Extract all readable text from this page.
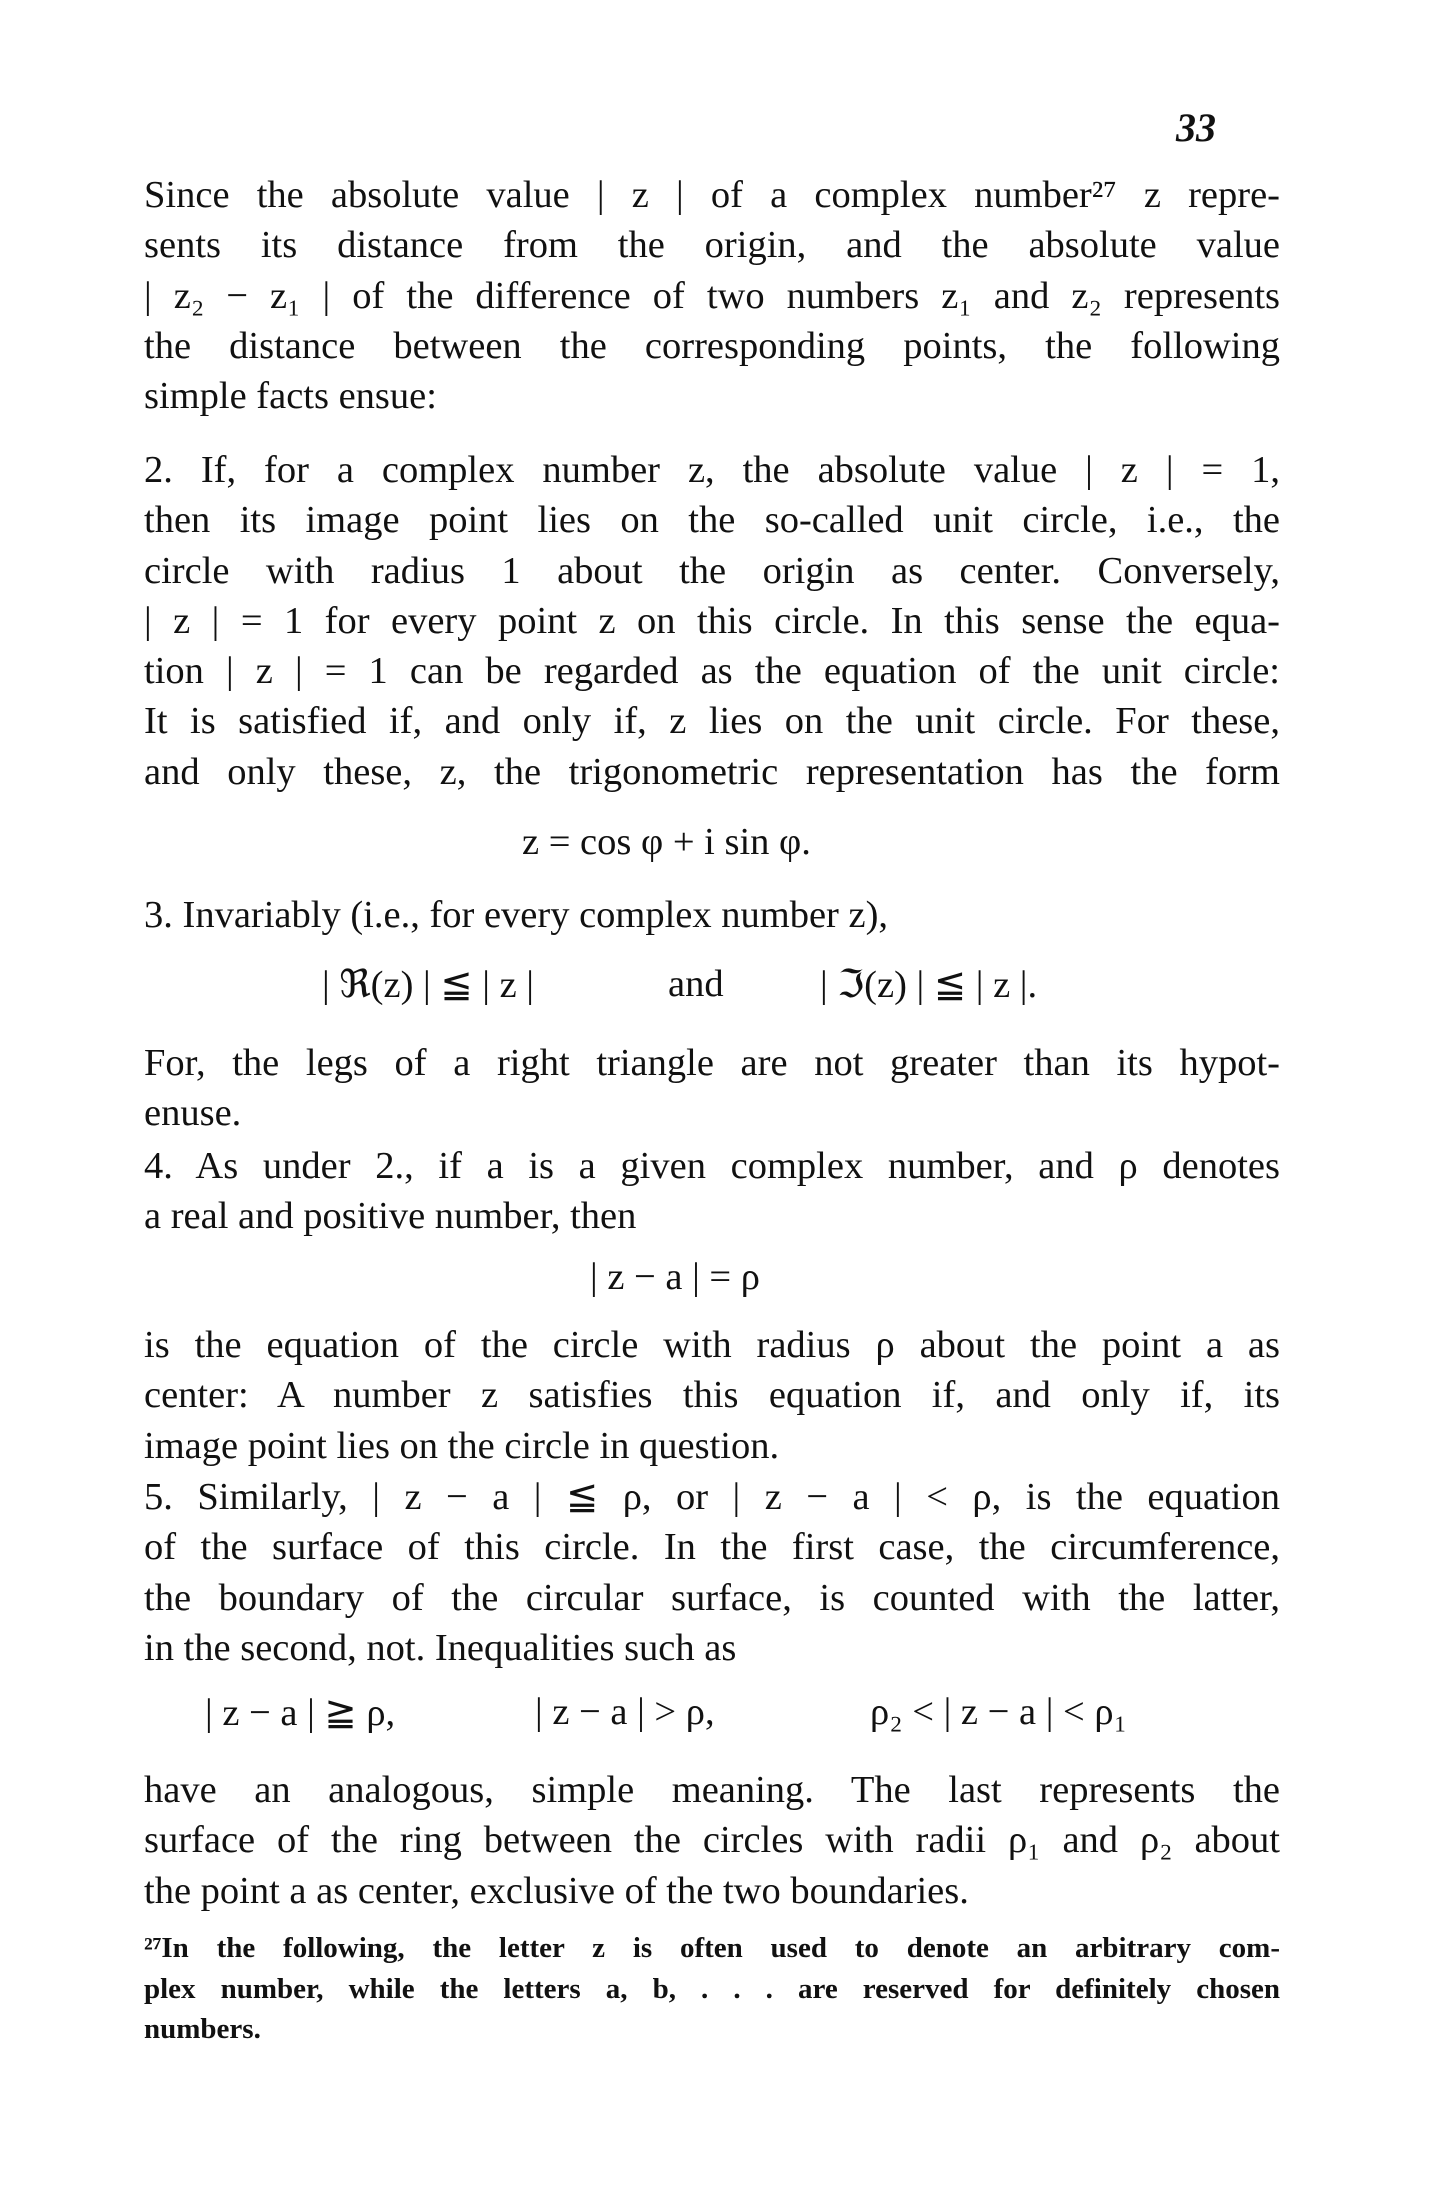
33
Since the absolute value | z | of a complex number²⁷ z repre-
sents its distance from the origin, and the absolute value
| z₂ − z₁ | of the difference of two numbers z₁ and z₂ represents
the distance between the corresponding points, the following
simple facts ensue:
2. If, for a complex number z, the absolute value | z | = 1,
then its image point lies on the so-called unit circle, i.e., the
circle with radius 1 about the origin as center. Conversely,
| z | = 1 for every point z on this circle. In this sense the equa-
tion | z | = 1 can be regarded as the equation of the unit circle:
It is satisfied if, and only if, z lies on the unit circle. For these,
and only these, z, the trigonometric representation has the form
z = cos φ + i sin φ.
3. Invariably (i.e., for every complex number z),
| ℜ(z) | ≦ | z |	and	| ℑ(z) | ≦ | z |.
For, the legs of a right triangle are not greater than its hypot-
enuse.
4. As under 2., if a is a given complex number, and ρ denotes
a real and positive number, then
| z − a | = ρ
is the equation of the circle with radius ρ about the point a as
center: A number z satisfies this equation if, and only if, its
image point lies on the circle in question.
5. Similarly, | z − a | ≦ ρ, or | z − a | < ρ, is the equation
of the surface of this circle. In the first case, the circumference,
the boundary of the circular surface, is counted with the latter,
in the second, not. Inequalities such as
| z − a | ≧ ρ,	| z − a | > ρ,	ρ₂ < | z − a | < ρ₁
have an analogous, simple meaning. The last represents the
surface of the ring between the circles with radii ρ₁ and ρ₂ about
the point a as center, exclusive of the two boundaries.
²⁷In the following, the letter z is often used to denote an arbitrary com-
plex number, while the letters a, b, . . . are reserved for definitely chosen
numbers.
